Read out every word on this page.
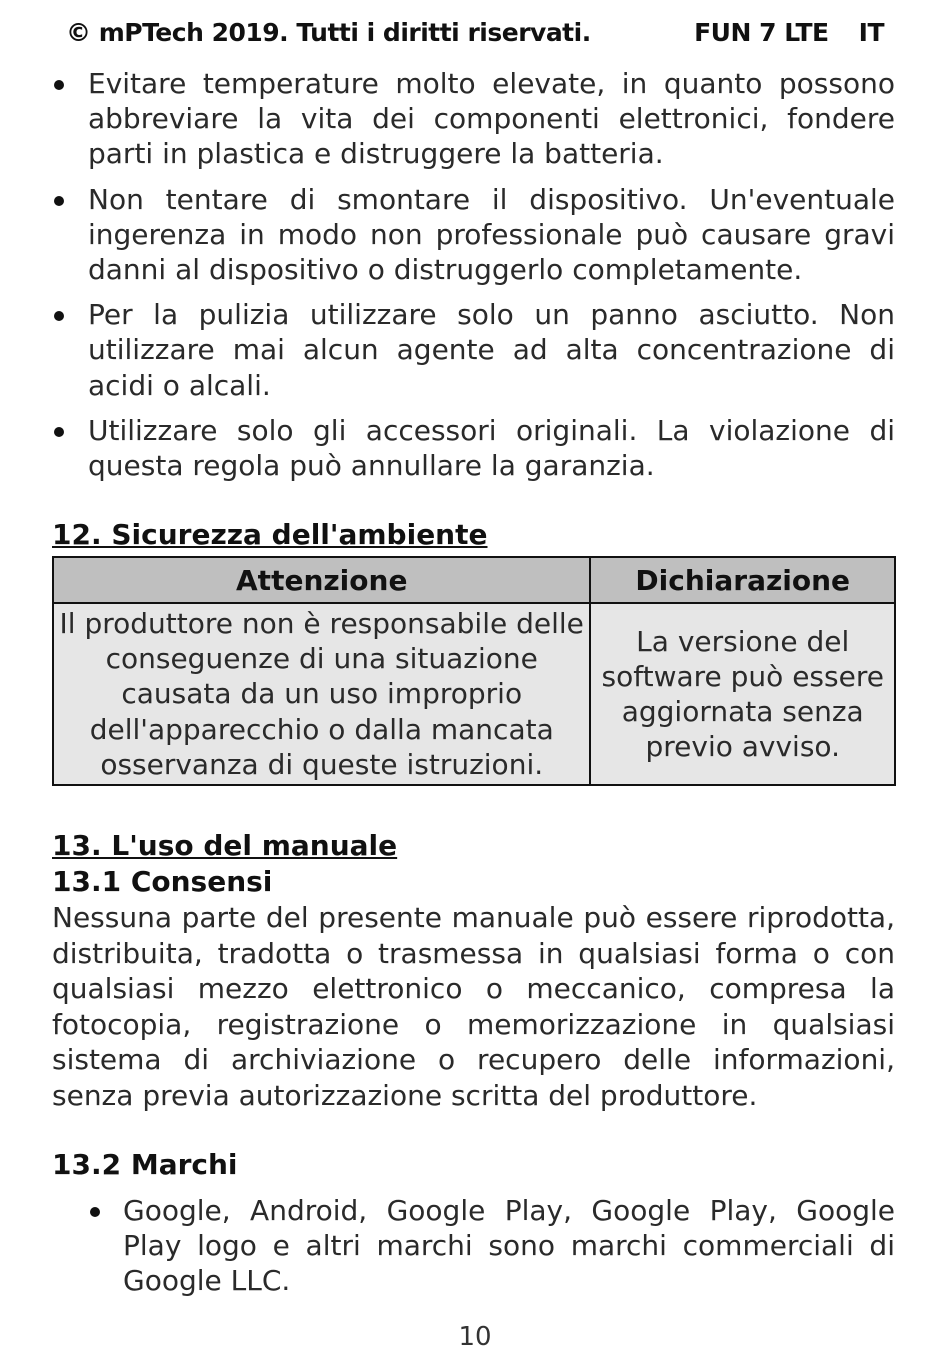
© mPTech 2019. Tutti i diritti riservati.	FUN 7 LTE IT
Evitare temperature molto elevate, in quanto possono abbreviare la vita dei componenti elettronici, fondere parti in plastica e distruggere la batteria.
Non tentare di smontare il dispositivo. Un'eventuale ingerenza in modo non professionale può causare gravi danni al dispositivo o distruggerlo completamente.
Per la pulizia utilizzare solo un panno asciutto. Non utilizzare mai alcun agente ad alta concentrazione di acidi o alcali.
Utilizzare solo gli accessori originali. La violazione di questa regola può annullare la garanzia.
12. Sicurezza dell'ambiente
Attenzione	Dichiarazione
Il produttore non è responsabile delle conseguenze di una situazione causata da un uso improprio dell'apparecchio o dalla mancata osservanza di queste istruzioni.	La versione del software può essere aggiornata senza previo avviso.
13. L'uso del manuale
13.1 Consensi
Nessuna parte del presente manuale può essere riprodotta, distribuita, tradotta o trasmessa in qualsiasi forma o con qualsiasi mezzo elettronico o meccanico, compresa la fotocopia, registrazione o memorizzazione in qualsiasi sistema di archiviazione o recupero delle informazioni, senza previa autorizzazione scritta del produttore.
13.2 Marchi
Google, Android, Google Play, Google Play, Google Play logo e altri marchi sono marchi commerciali di Google LLC.
10
